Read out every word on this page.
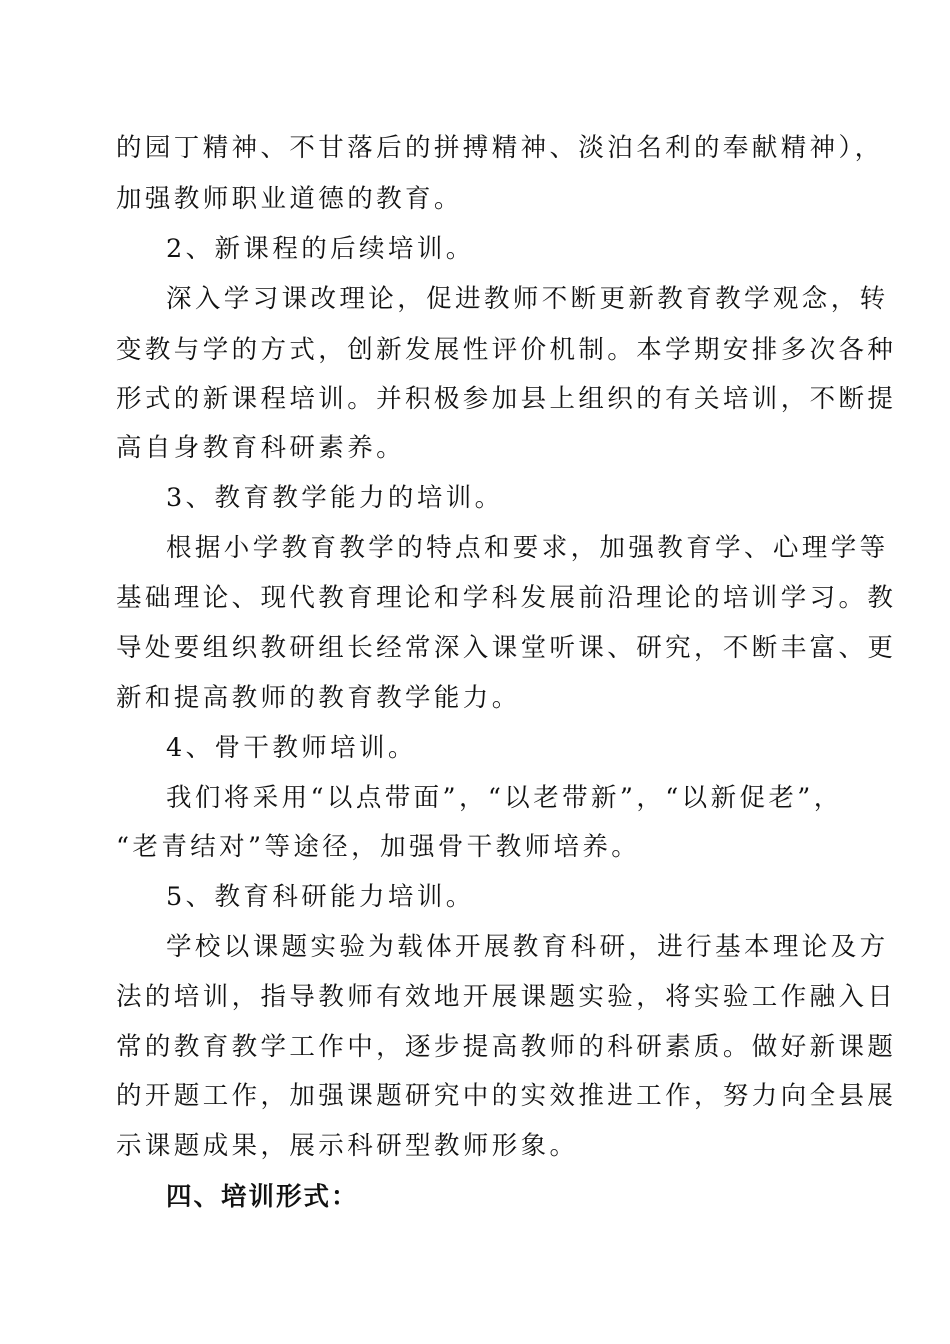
的园丁精神、不甘落后的拼搏精神、淡泊名利的奉献精神），
加强教师职业道德的教育。
2、新课程的后续培训。
深入学习课改理论，促进教师不断更新教育教学观念，转
变教与学的方式，创新发展性评价机制。本学期安排多次各种
形式的新课程培训。并积极参加县上组织的有关培训，不断提
高自身教育科研素养。
3、教育教学能力的培训。
根据小学教育教学的特点和要求，加强教育学、心理学等
基础理论、现代教育理论和学科发展前沿理论的培训学习。教
导处要组织教研组长经常深入课堂听课、研究，不断丰富、更
新和提高教师的教育教学能力。
4、骨干教师培训。
我们将采用“以点带面”，“以老带新”，“以新促老”，
“老青结对”等途径，加强骨干教师培养。
5、教育科研能力培训。
学校以课题实验为载体开展教育科研，进行基本理论及方
法的培训，指导教师有效地开展课题实验，将实验工作融入日
常的教育教学工作中，逐步提高教师的科研素质。做好新课题
的开题工作，加强课题研究中的实效推进工作，努力向全县展
示课题成果，展示科研型教师形象。
四、培训形式：
